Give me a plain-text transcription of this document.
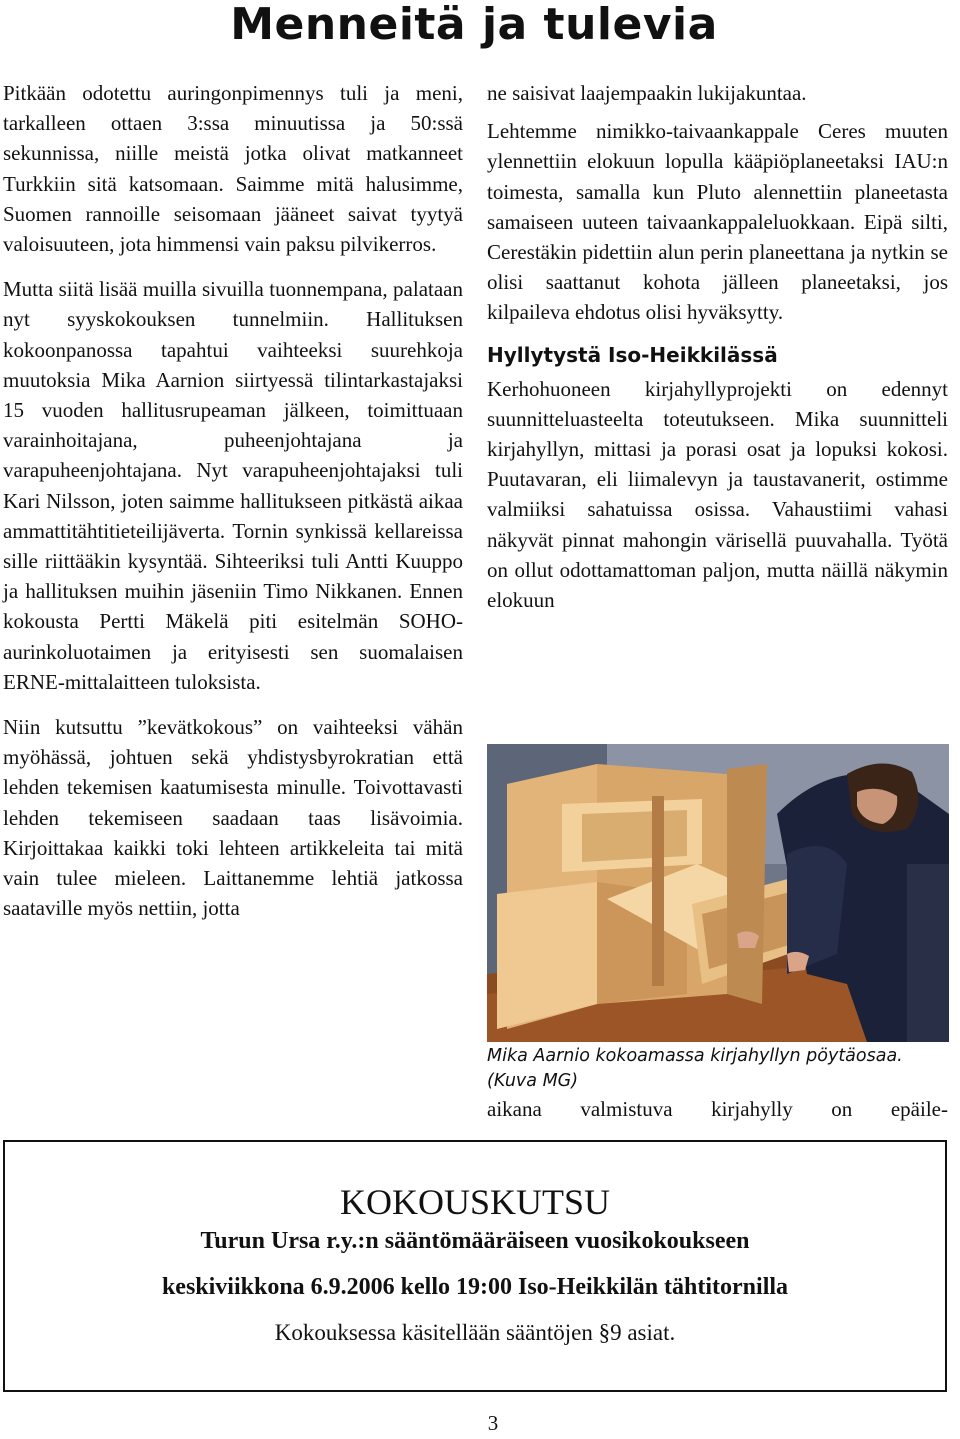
Menneitä ja tulevia

Pitkään odotettu auringonpimennys tuli ja meni, tarkalleen ottaen 3:ssa minuutissa ja 50:ssä sekunnissa, niille meistä jotka olivat matkanneet Turkkiin sitä katsomaan. Saimme mitä halusimme, Suomen rannoille seisomaan jääneet saivat tyytyä valoisuuteen, jota himmensi vain paksu pilvikerros.

Mutta siitä lisää muilla sivuilla tuonnempana, palataan nyt syyskokouksen tunnelmiin. Hallituksen kokoonpanossa tapahtui vaihteeksi suurehkoja muutoksia Mika Aarnion siirtyessä tilintarkastajaksi 15 vuoden hallitusrupeaman jälkeen, toimittuaan varainhoitajana, puheenjohtajana ja varapuheenjohtajana. Nyt varapuheenjohtajaksi tuli Kari Nilsson, joten saimme hallitukseen pitkästä aikaa ammattitähtitieteilijäverta. Tornin synkissä kellareissa sille riittääkin kysyntää. Sihteeriksi tuli Antti Kuuppo ja hallituksen muihin jäseniin Timo Nikkanen. Ennen kokousta Pertti Mäkelä piti esitelmän SOHO-aurinkoluotaimen ja erityisesti sen suomalaisen ERNE-mittalaitteen tuloksista.

Niin kutsuttu ”kevätkokous” on vaihteeksi vähän myöhässä, johtuen sekä yhdistysbyrokratian että lehden tekemisen kaatumisesta minulle. Toivottavasti lehden tekemiseen saadaan taas lisävoimia. Kirjoittakaa kaikki toki lehteen artikkeleita tai mitä vain tulee mieleen. Laittanemme lehtiä jatkossa saataville myös nettiin, jotta

ne saisivat laajempaakin lukijakuntaa.

Lehtemme nimikko-taivaankappale Ceres muuten ylennettiin elokuun lopulla kääpiöplaneetaksi IAU:n toimesta, samalla kun Pluto alennettiin planeetasta samaiseen uuteen taivaankappaleluokkaan. Eipä silti, Cerestäkin pidettiin alun perin planeettana ja nytkin se olisi saattanut kohota jälleen planeetaksi, jos kilpaileva ehdotus olisi hyväksytty.

Hyllytystä Iso-Heikkilässä

Kerhohuoneen kirjahyllyprojekti on edennyt suunnitteluasteelta toteutukseen. Mika suunnitteli kirjahyllyn, mittasi ja porasi osat ja lopuksi kokosi. Puutavaran, eli liimalevyn ja taustavanerit, ostimme valmiiksi sahatuissa osissa. Vahaustiimi vahasi näkyvät pinnat mahongin värisellä puuvahalla. Työtä on ollut odottamattoman paljon, mutta näillä näkymin elokuun

Mika Aarnio kokoamassa kirjahyllyn pöytäosaa. (Kuva MG)

aikana valmistuva kirjahylly on epäile-

KOKOUSKUTSU

Turun Ursa r.y.:n sääntömääräiseen vuosikokoukseen

keskiviikkona 6.9.2006 kello 19:00 Iso-Heikkilän tähtitornilla

Kokouksessa käsitellään sääntöjen §9 asiat.

3
